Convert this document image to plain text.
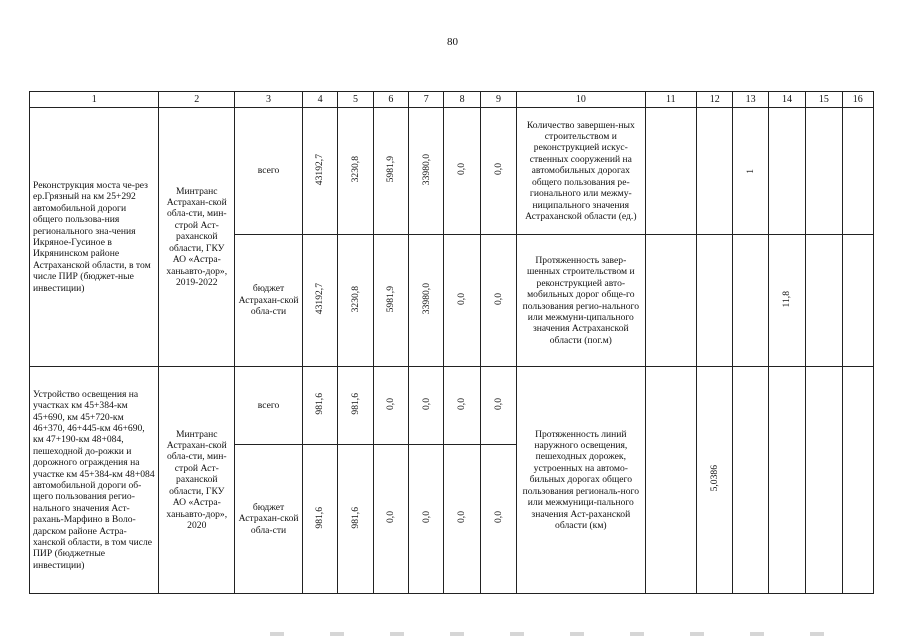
80
1	2	3	4	5	6	7	8	9	10	11	12	13	14	15	16
Реконструкция моста че-рез ер.Грязный на км 25+292 автомобильной дороги общего пользова-ния регионального зна-чения Икряное-Гусиное в Икрянинском районе Астраханской области, в том числе ПИР (бюджет-ные инвестиции)	Минтранс Астрахан-ской обла-сти, мин-строй Аст-раханской области, ГКУ АО «Астра-ханьавто-дор», 2019-2022	всего	43192,7	3230,8	5981,9	33980,0	0,0	0,0	Количество завершен-ных строительством и реконструкцией искус-ственных сооружений на автомобильных дорогах общего пользования ре-гионального или межму-ниципального значения Астраханской области (ед.)			1			
		бюджет Астрахан-ской обла-сти	43192,7	3230,8	5981,9	33980,0	0,0	0,0	Протяженность завер-шенных строительством и реконструкцией авто-мобильных дорог обще-го пользования регио-нального или межмуни-ципального значения Астраханской области (пог.м)				11,8		
Устройство освещения на участках км 45+384-км 45+690, км 45+720-км 46+370, 46+445-км 46+690, км 47+190-км 48+084, пешеходной до-рожки и дорожного ограждения на участке км 45+384-км 48+084 автомобильной дороги об-щего пользования регио-нального значения Аст-рахань-Марфино в Воло-дарском районе Астра-ханской области, в том числе ПИР (бюджетные инвестиции)	Минтранс Астрахан-ской обла-сти, мин-строй Аст-раханской области, ГКУ АО «Астра-ханьавто-дор», 2020	всего	981,6	981,6	0,0	0,0	0,0	0,0	Протяженность линий наружного освещения, пешеходных дорожек, устроенных на автомо-бильных дорогах общего пользования региональ-ного или межмуници-пального значения Аст-раханской области (км)		5,0386				
		бюджет Астрахан-ской обла-сти	981,6	981,6	0,0	0,0	0,0	0,0							
